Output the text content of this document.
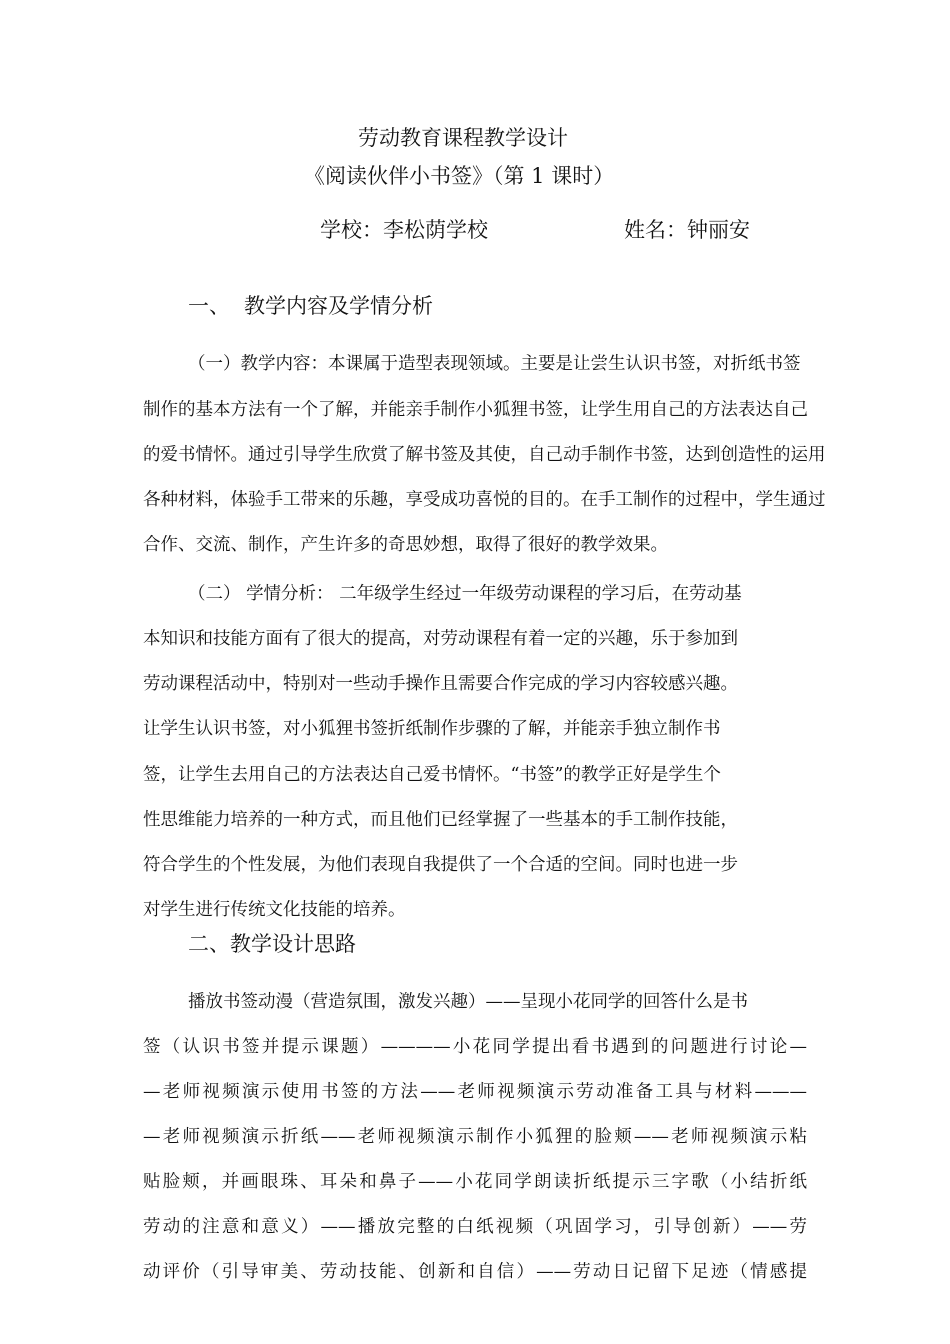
劳动教育课程教学设计
《阅读伙伴小书签》（第 1 课时）
学校：李松荫学校	姓名：钟丽安
一、 教学内容及学情分析
（一）教学内容：本课属于造型表现领域。主要是让尝生认识书签，对折纸书签
制作的基本方法有一个了解，并能亲手制作小狐狸书签，让学生用自己的方法表达自己
的爱书情怀。通过引导学生欣赏了解书签及其使，自己动手制作书签，达到创造性的运用
各种材料，体验手工带来的乐趣，享受成功喜悦的目的。在手工制作的过程中，学生通过
合作、交流、制作，产生许多的奇思妙想，取得了很好的教学效果。
（二） 学情分析： 二年级学生经过一年级劳动课程的学习后，在劳动基
本知识和技能方面有了很大的提高，对劳动课程有着一定的兴趣，乐于参加到
劳动课程活动中，特别对一些动手操作且需要合作完成的学习内容较感兴趣。
让学生认识书签，对小狐狸书签折纸制作步骤的了解，并能亲手独立制作书
签，让学生去用自己的方法表达自己爱书情怀。“书签”的教学正好是学生个
性思维能力培养的一种方式，而且他们已经掌握了一些基本的手工制作技能，
符合学生的个性发展，为他们表现自我提供了一个合适的空间。同时也进一步
对学生进行传统文化技能的培养。
二、教学设计思路
播放书签动漫（营造氛围，激发兴趣）——呈现小花同学的回答什么是书
签（认识书签并提示课题）————小花同学提出看书遇到的问题进行讨论—
—老师视频演示使用书签的方法——老师视频演示劳动准备工具与材料———
—老师视频演示折纸——老师视频演示制作小狐狸的脸颊——老师视频演示粘
贴脸颊，并画眼珠、耳朵和鼻子——小花同学朗读折纸提示三字歌（小结折纸
劳动的注意和意义）——播放完整的白纸视频（巩固学习，引导创新）——劳
动评价（引导审美、劳动技能、创新和自信）——劳动日记留下足迹（情感提
